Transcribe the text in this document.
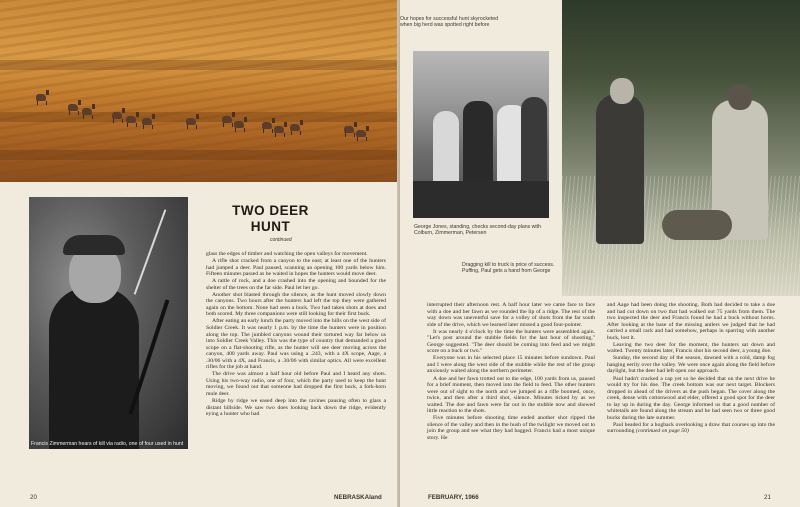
Francis Zimmerman hears of kill via radio, one of four used in hunt
TWO DEER
HUNT
continued

glass the edges of timber and watching the open valleys for movement.

A rifle shot cracked from a canyon to the east; at least one of the hunters had jumped a deer. Paul paused, scanning an opening 100 yards below him. Fifteen minutes passed as he waited in hopes the hunters would move deer.

A rattle of rock, and a doe crashed into the opening and bounded for the shelter of the trees on the far side. Paul let her go.

Another shot blasted through the silence, as the hunt moved slowly down the canyons. Two hours after the hunters had left the top they were gathered again on the bottom. None had seen a buck. Two had taken shots at does and both scored. My three companions were still looking for their first buck.

After eating an early lunch the party moved into the hills on the west side of Soldier Creek. It was nearly 1 p.m. by the time the hunters were in position along the top. The jumbled canyons wound their tortured way far below us into Soldier Creek Valley. This was the type of country that demanded a good scope on a flat-shooting rifle, as the hunter will see deer moving across the canyon, 400 yards away. Paul was using a .243, with a 4X scope, Aage, a .30/06 with a 4X, and Francis, a .30/06 with similar optics. All were excellent rifles for the job at hand.

The drive was almost a half hour old before Paul and I heard any shots. Using his two-way radio, one of four, which the party used to keep the hunt moving, we found out that someone had dropped the first buck, a fork-horn mule deer.

Ridge by ridge we eased deep into the ravines pausing often to glass a distant hillside. We saw two does looking back down the ridge, evidently eying a hunter who had

20	NEBRASKAland
Our hopes for successful hunt skyrocketed when big herd was spotted right before
George Jones, standing, checks second-day plans with Colburn, Zimmerman, Petersen
Dragging kill to truck is price of success. Puffing, Paul gets a hand from George

interrupted their afternoon rest. A half hour later we came face to face with a doe and her fawn as we rounded the lip of a ridge. The rest of the way down was uneventful save for a volley of shots from the far south side of the drive, which we learned later missed a good four-pointer.

It was nearly 4 o'clock by the time the hunters were assembled again. "Let's post around the stubble fields for the last hour of shooting," George suggested. "The deer should be coming into feed and we might score on a buck or two."

Everyone was in his selected place 15 minutes before sundown. Paul and I were along the west side of the stubble while the rest of the group anxiously waited along the northern perimeter.

A doe and her fawn trotted out to the edge, 100 yards from us, paused for a brief moment, then moved into the field to feed. The other hunters were out of sight to the north and we jumped as a rifle boomed, once, twice, and then after a third shot, silence. Minutes ticked by as we waited. The doe and fawn were far out in the stubble now and showed little reaction to the shots.

Five minutes before shooting time ended another shot ripped the silence of the valley and then in the hush of the twilight we moved out to join the group and see what they had bagged. Francis had a most unique story. He

and Aage had been doing the shooting. Both had decided to take a doe and had cut down on two that had walked out 75 yards from them. The two inspected the deer and Francis found he had a buck without horns. After looking at the base of the missing antlers we judged that he had carried a small rack and had somehow, perhaps in sparring with another buck, lost it.

Leaving the two deer for the moment, the hunters sat down and waited. Twenty minutes later, Francis shot his second deer, a young doe.

Sunday, the second day of the season, dawned with a cold, damp fog hanging eerily over the valley. We were once again along the field before daylight, but the deer had left open our approach.

Paul hadn't cracked a cap yet so he decided that on the next drive he would try for his doe. The creek bottom was our next target. Blockers dropped in ahead of the drivers as the push began. The cover along the creek, dense with cottonwood and elder, offered a good spot for the deer to lay up in during the day. George informed us that a good number of whitetails are found along the stream and he had seen two or three good bucks during the late summer.

Paul headed for a hogback overlooking a draw that courses up into the surrounding (continued on page 50)

FEBRUARY, 1966	21
